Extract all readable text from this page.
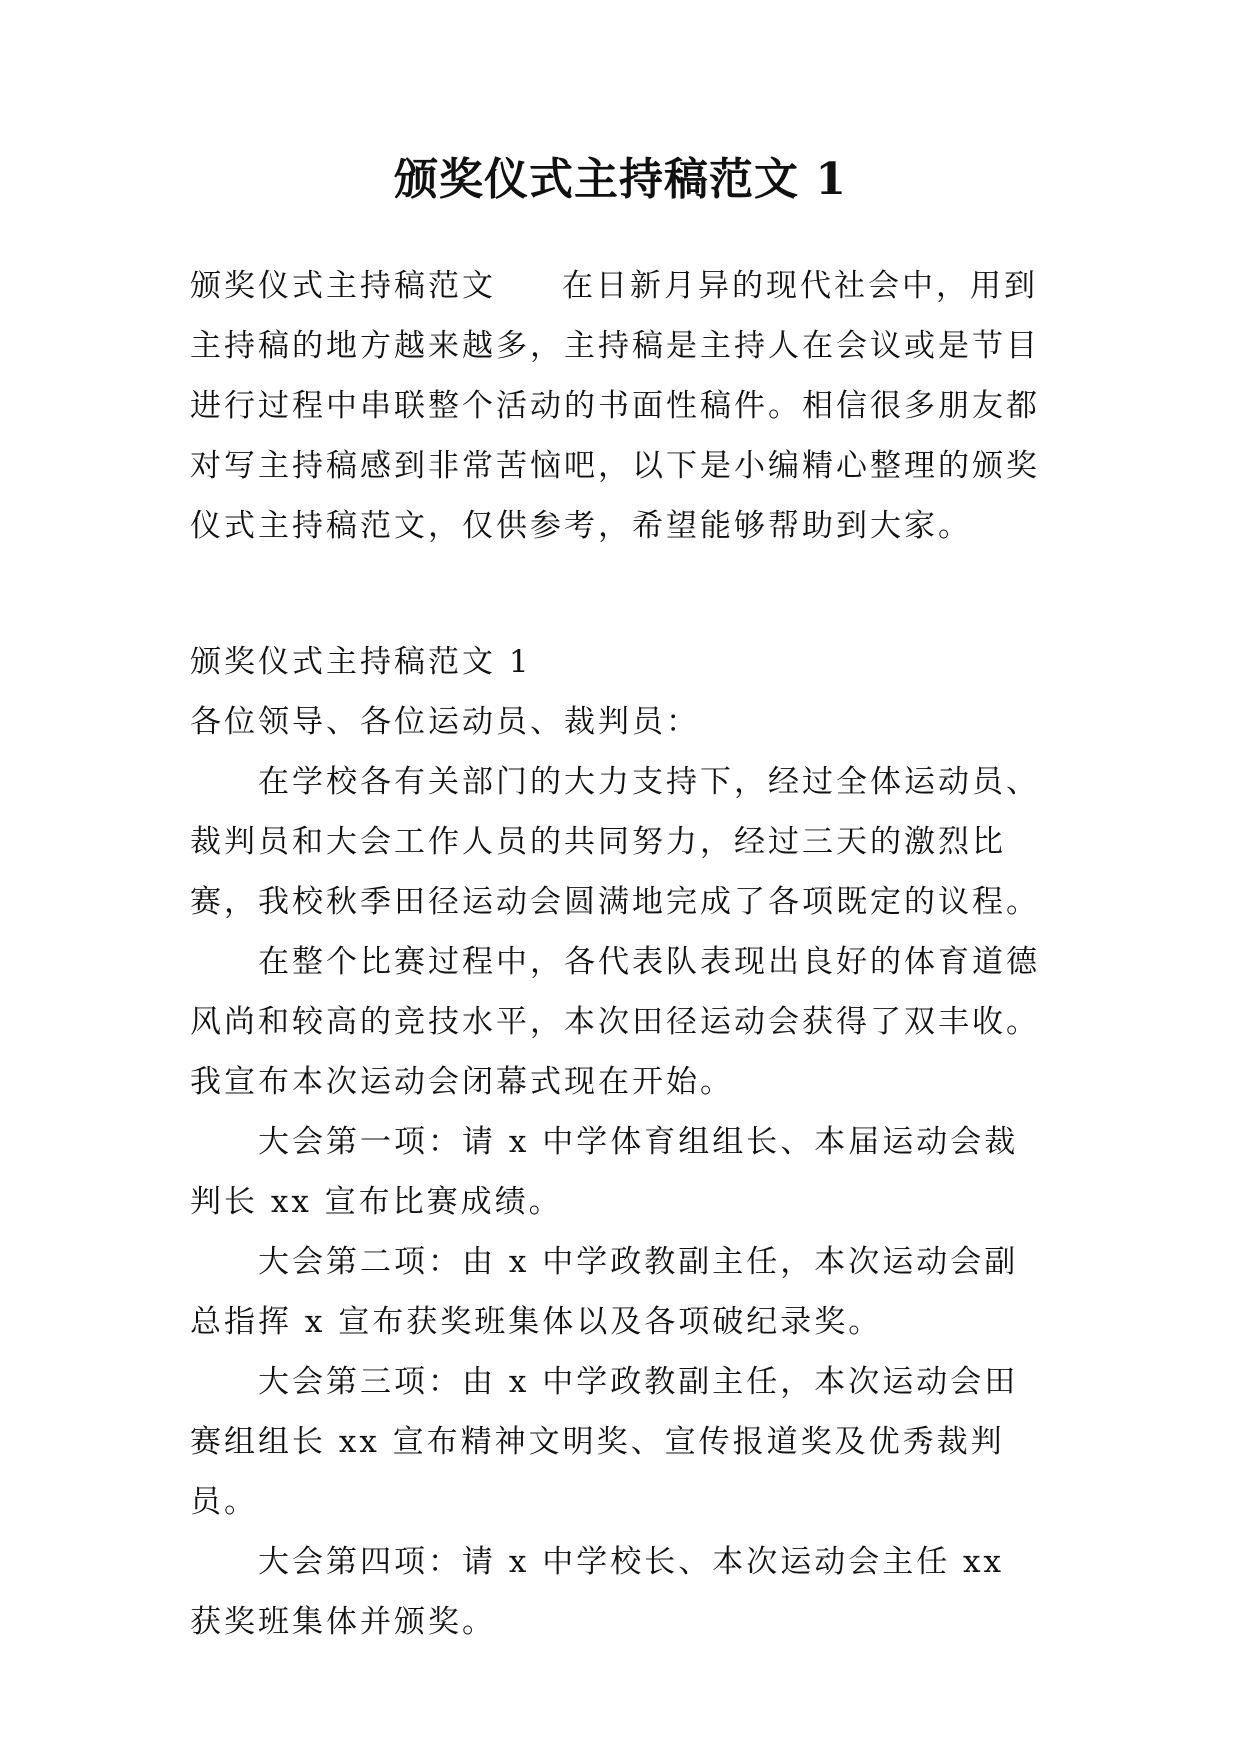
颁奖仪式主持稿范文 1

颁奖仪式主持稿范文 在日新月异的现代社会中，用到主持稿的地方越来越多，主持稿是主持人在会议或是节目进行过程中串联整个活动的书面性稿件。相信很多朋友都对写主持稿感到非常苦恼吧，以下是小编精心整理的颁奖仪式主持稿范文，仅供参考，希望能够帮助到大家。

颁奖仪式主持稿范文 1

各位领导、各位运动员、裁判员：

在学校各有关部门的大力支持下，经过全体运动员、裁判员和大会工作人员的共同努力，经过三天的激烈比赛，我校秋季田径运动会圆满地完成了各项既定的议程。

在整个比赛过程中，各代表队表现出良好的体育道德风尚和较高的竞技水平，本次田径运动会获得了双丰收。我宣布本次运动会闭幕式现在开始。

大会第一项：请 x 中学体育组组长、本届运动会裁判长 xx 宣布比赛成绩。

大会第二项：由 x 中学政教副主任，本次运动会副总指挥 x 宣布获奖班集体以及各项破纪录奖。

大会第三项：由 x 中学政教副主任，本次运动会田赛组组长 xx 宣布精神文明奖、宣传报道奖及优秀裁判员。

大会第四项：请 x 中学校长、本次运动会主任 xx 获奖班集体并颁奖。
